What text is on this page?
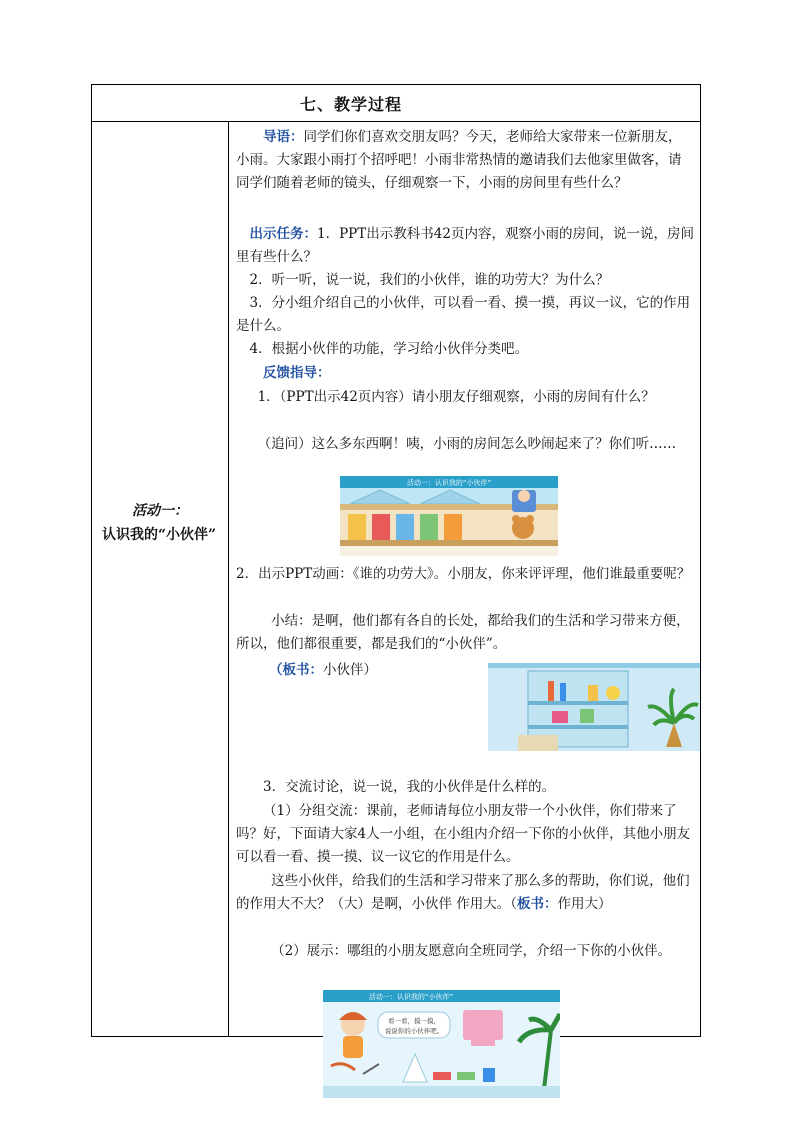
七、教学过程
活动一：
认识我的“小伙伴”

导语：同学们你们喜欢交朋友吗？今天，老师给大家带来一位新朋友，小雨。大家跟小雨打个招呼吧！小雨非常热情的邀请我们去他家里做客，请同学们随着老师的镜头，仔细观察一下，小雨的房间里有些什么？

出示任务：1．PPT出示教科书42页内容，观察小雨的房间，说一说，房间里有些什么？

2．听一听，说一说，我们的小伙伴，谁的功劳大？为什么？

3．分小组介绍自己的小伙伴，可以看一看、摸一摸，再议一议，它的作用是什么。

4．根据小伙伴的功能，学习给小伙伴分类吧。

反馈指导：

1．（PPT出示42页内容）请小朋友仔细观察，小雨的房间有什么？

（追问）这么多东西啊！咦，小雨的房间怎么吵闹起来了？你们听……

活动一：认识我的“小伙伴”

2．出示PPT动画：《谁的功劳大》。小朋友，你来评评理，他们谁最重要呢？

小结：是啊，他们都有各自的长处，都给我们的生活和学习带来方便，所以，他们都很重要，都是我们的“小伙伴”。

（板书：小伙伴）

3．交流讨论，说一说，我的小伙伴是什么样的。

（1）分组交流：课前，老师请每位小朋友带一个小伙伴，你们带来了吗？好，下面请大家4人一小组，在小组内介绍一下你的小伙伴，其他小朋友可以看一看、摸一摸、议一议它的作用是什么。

这些小伙伴，给我们的生活和学习带来了那么多的帮助，你们说，他们的作用大不大？（大）是啊，小伙伴 作用大。（板书：作用大）

（2）展示：哪组的小朋友愿意向全班同学，介绍一下你的小伙伴。

活动一：认识我的“小伙伴”
看一看，摸一摸，
说说你的小伙伴吧。
